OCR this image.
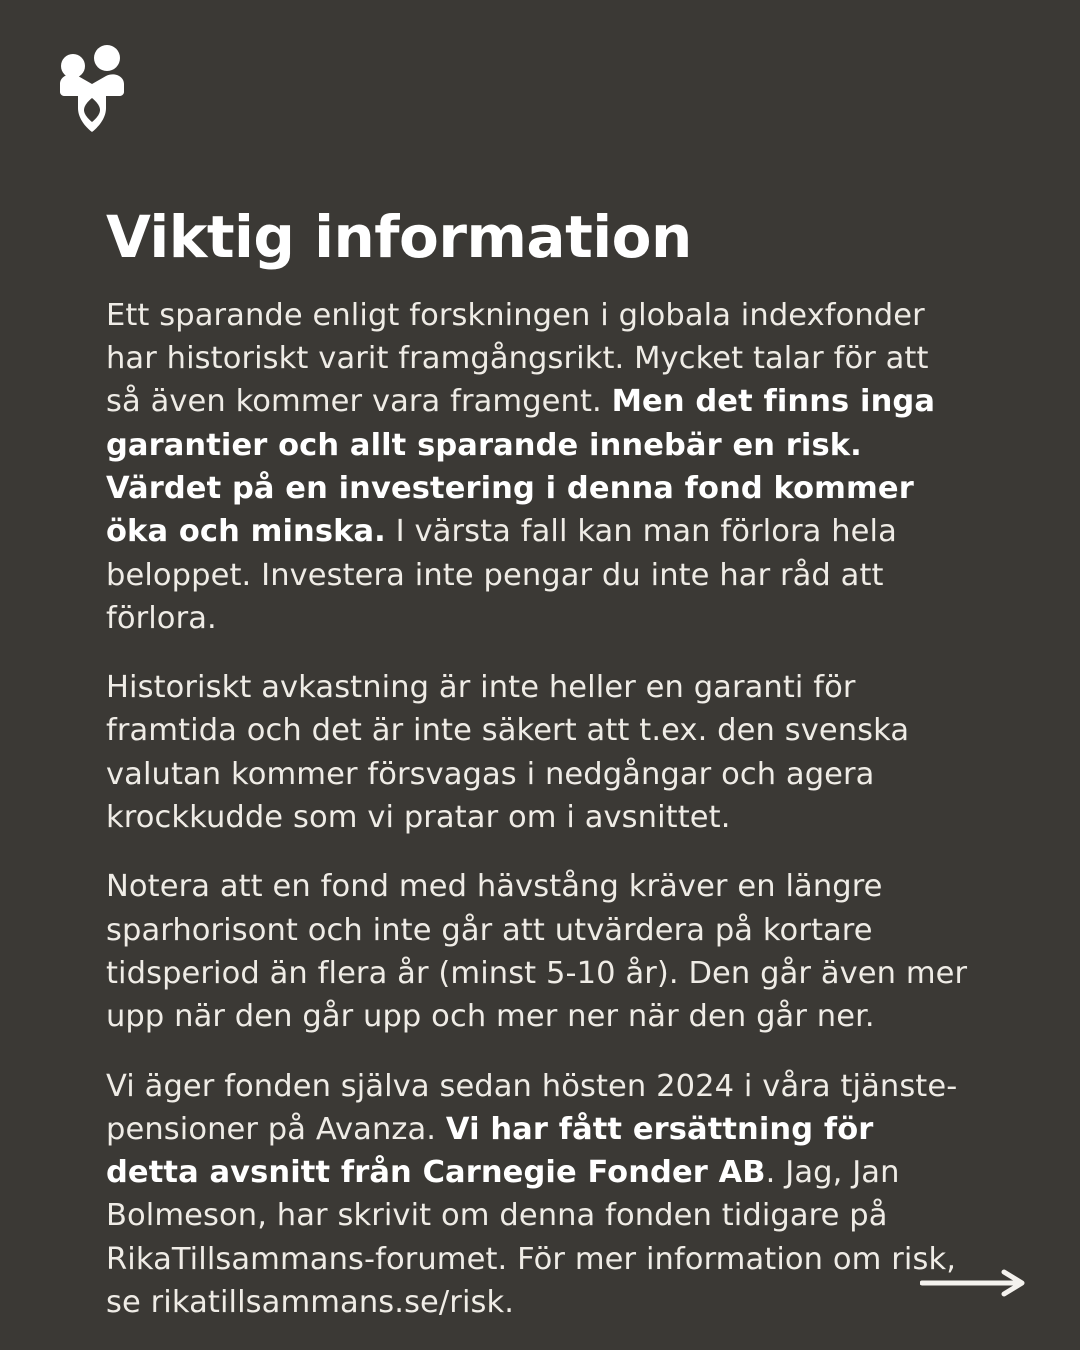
Viktig information

Ett sparande enligt forskningen i globala indexfonder har historiskt varit framgångsrikt. Mycket talar för att så även kommer vara framgent. Men det finns inga garantier och allt sparande innebär en risk. Värdet på en investering i denna fond kommer öka och minska. I värsta fall kan man förlora hela beloppet. Investera inte pengar du inte har råd att förlora.

Historiskt avkastning är inte heller en garanti för framtida och det är inte säkert att t.ex. den svenska valutan kommer försvagas i nedgångar och agera krockkudde som vi pratar om i avsnittet.

Notera att en fond med hävstång kräver en längre sparhorisont och inte går att utvärdera på kortare tidsperiod än flera år (minst 5-10 år). Den går även mer upp när den går upp och mer ner när den går ner.

Vi äger fonden själva sedan hösten 2024 i våra tjänste-pensioner på Avanza. Vi har fått ersättning för detta avsnitt från Carnegie Fonder AB. Jag, Jan Bolmeson, har skrivit om denna fonden tidigare på RikaTillsammans-forumet. För mer information om risk, se rikatillsammans.se/risk.
